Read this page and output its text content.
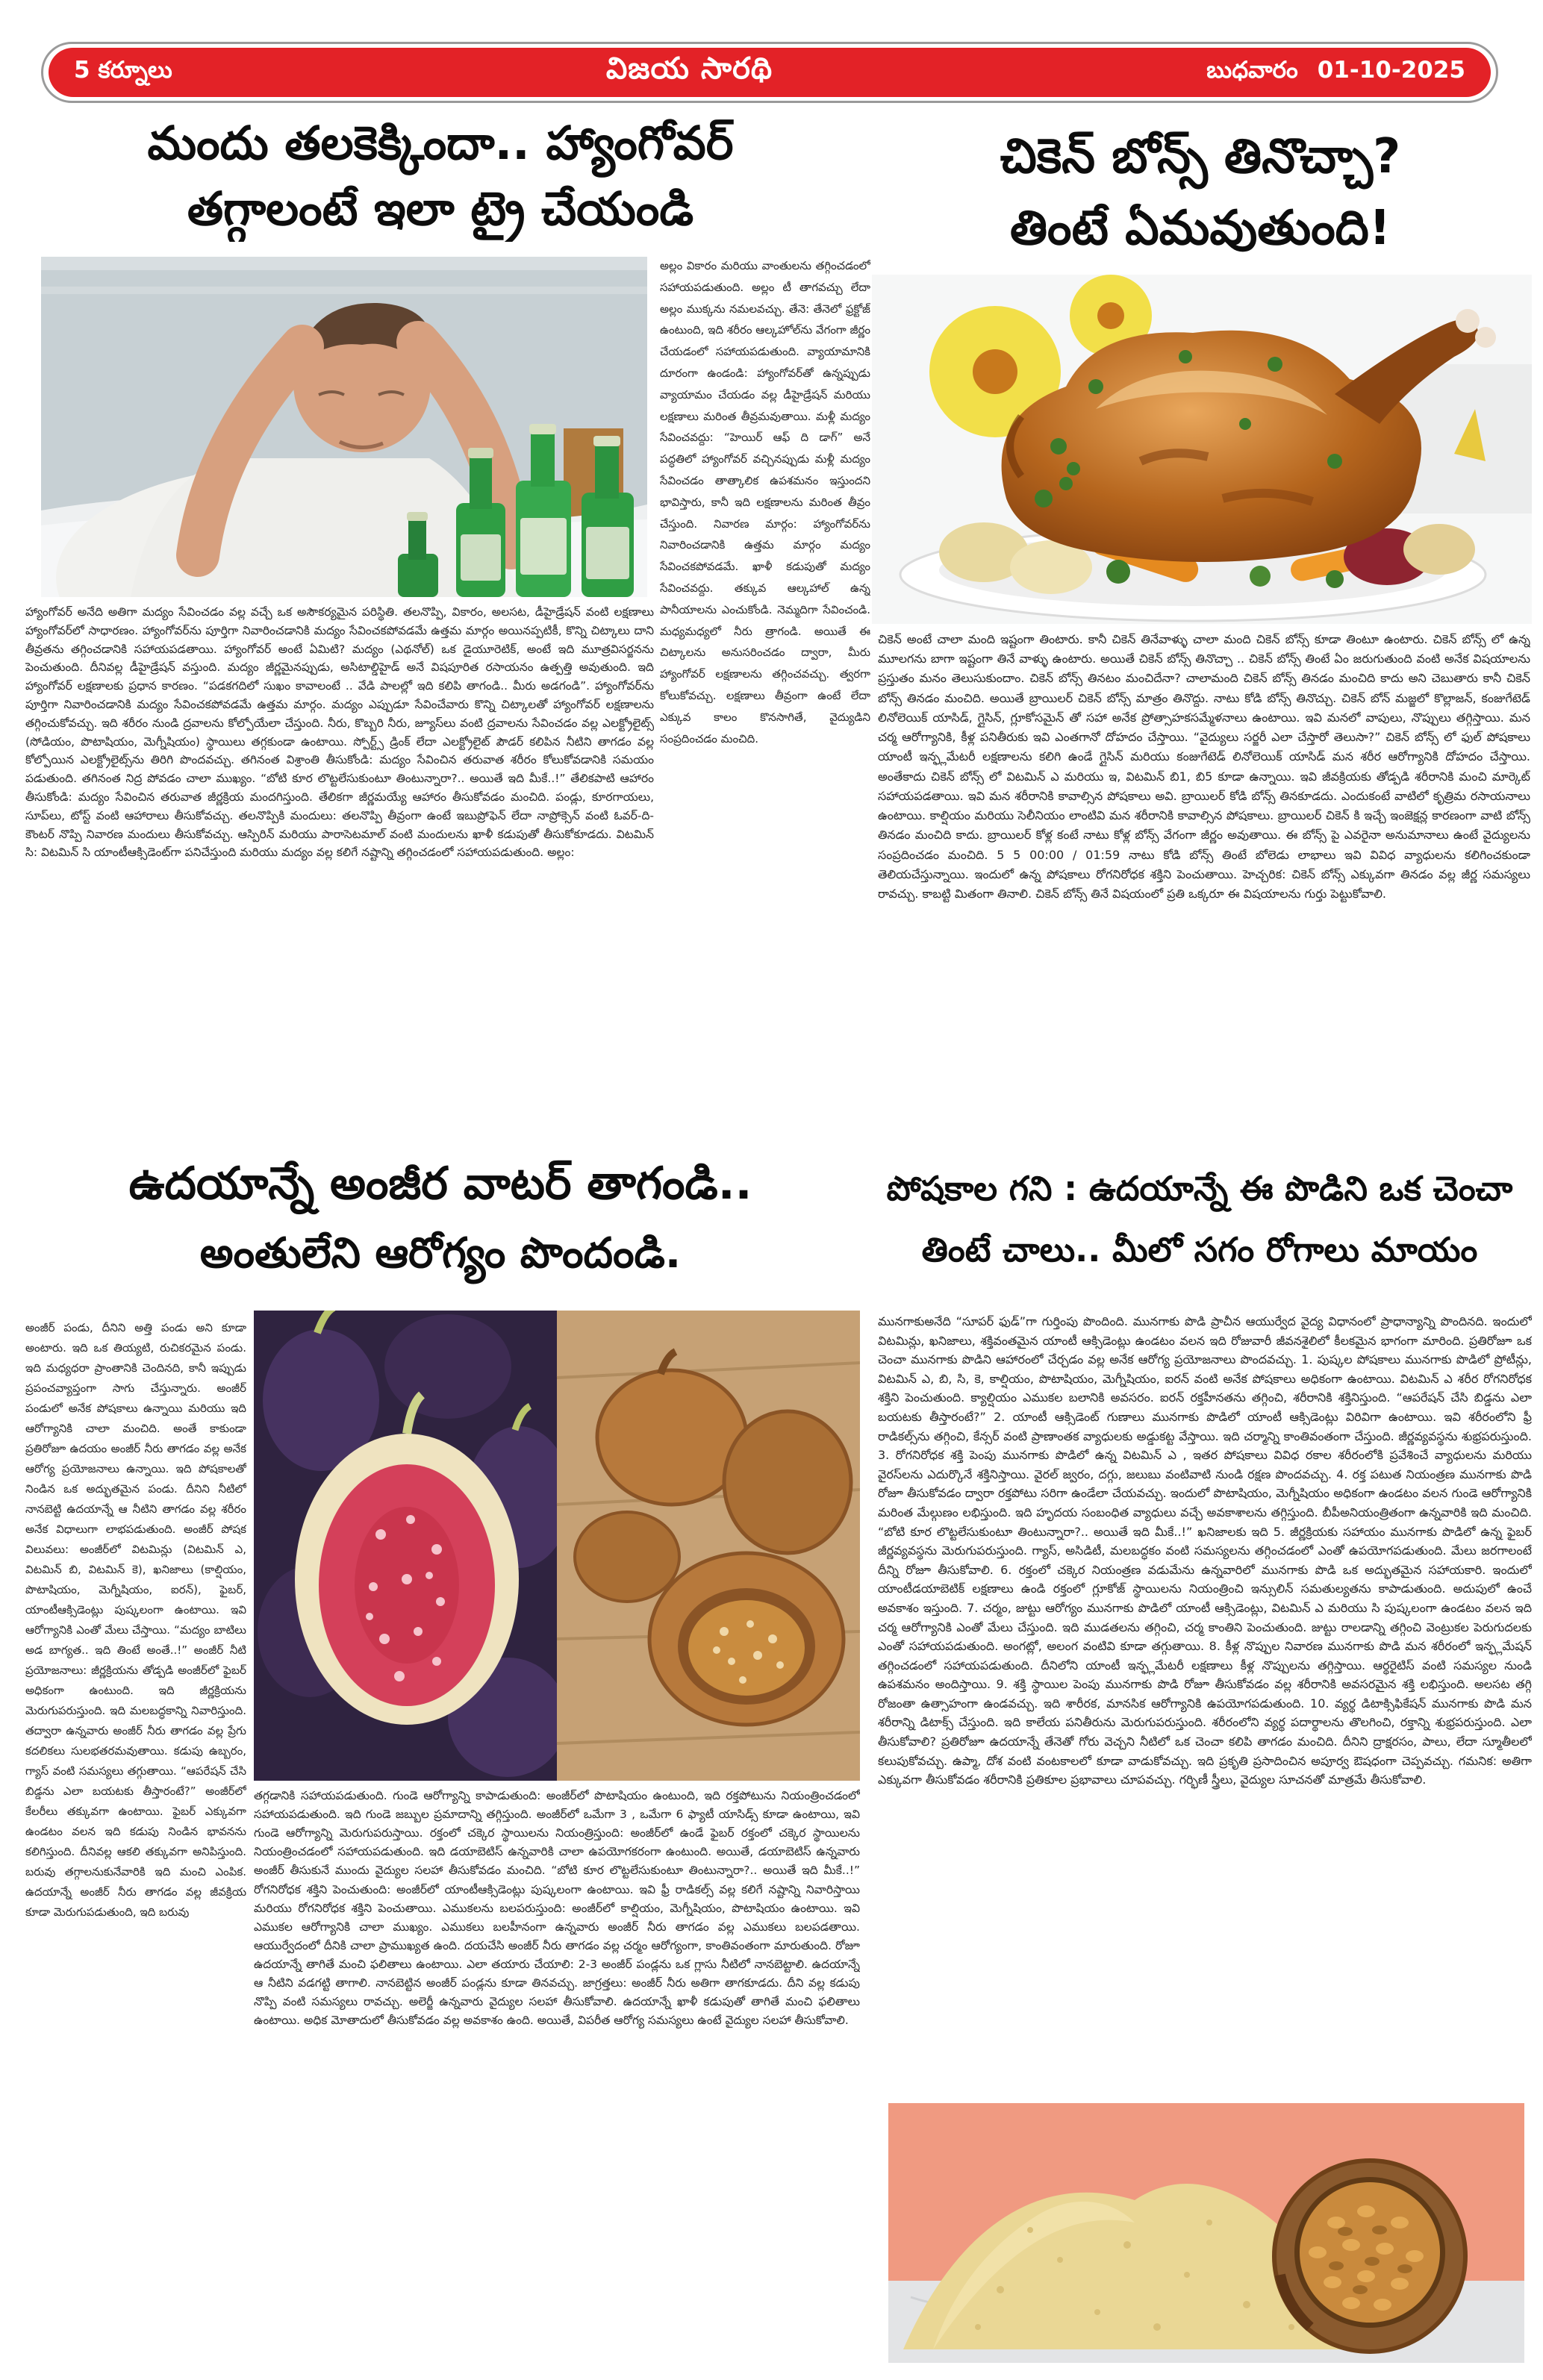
5 కర్నూలు	విజయ సారథి	బుధవారం 01-10-2025
మందు తలకెక్కిందా.. హ్యాంగోవర్
తగ్గాలంటే ఇలా ట్రై చేయండి
అల్లం వికారం మరియు వాంతులను తగ్గించడంలో సహాయపడుతుంది. అల్లం టీ తాగవచ్చు లేదా అల్లం ముక్కను నమలవచ్చు. తేనె: తేనెలో ఫ్రక్టోజ్ ఉంటుంది, ఇది శరీరం ఆల్కహోల్‌ను వేగంగా జీర్ణం చేయడంలో సహాయపడుతుంది. వ్యాయామానికి దూరంగా ఉండండి: హ్యాంగోవర్‌తో ఉన్నప్పుడు వ్యాయామం చేయడం వల్ల డీహైడ్రేషన్ మరియు లక్షణాలు మరింత తీవ్రమవుతాయి. మళ్లీ మద్యం సేవించవద్దు: “హెయిర్ ఆఫ్ ది డాగ్” అనే పద్ధతిలో హ్యాంగోవర్ వచ్చినప్పుడు మళ్లీ మద్యం సేవించడం తాత్కాలిక ఉపశమనం ఇస్తుందని భావిస్తారు, కానీ ఇది లక్షణాలను మరింత తీవ్రం చేస్తుంది. నివారణ మార్గం: హ్యాంగోవర్‌ను నివారించడానికి ఉత్తమ మార్గం మద్యం సేవించకపోవడమే. ఖాళీ కడుపుతో మద్యం సేవించవద్దు. తక్కువ ఆల్కహాల్ ఉన్న పానీయాలను ఎంచుకోండి. నెమ్మదిగా సేవించండి. మధ్యమధ్యలో నీరు త్రాగండి. అయితే ఈ చిట్కాలను అనుసరించడం ద్వారా, మీరు హ్యాంగోవర్ లక్షణాలను తగ్గించవచ్చు. త్వరగా కోలుకోవచ్చు. లక్షణాలు తీవ్రంగా ఉంటే లేదా ఎక్కువ కాలం కొనసాగితే, వైద్యుడిని సంప్రదించడం మంచిది.
హ్యాంగోవర్ అనేది అతిగా మద్యం సేవించడం వల్ల వచ్చే ఒక అసౌకర్యమైన పరిస్థితి. తలనొప్పి, వికారం, అలసట, డీహైడ్రేషన్ వంటి లక్షణాలు హ్యాంగోవర్‌లో సాధారణం. హ్యాంగోవర్‌ను పూర్తిగా నివారించడానికి మద్యం సేవించకపోవడమే ఉత్తమ మార్గం అయినప్పటికీ, కొన్ని చిట్కాలు దాని తీవ్రతను తగ్గించడానికి సహాయపడతాయి. హ్యాంగోవర్ అంటే ఏమిటి? మద్యం (ఎథనోల్) ఒక డైయూరెటిక్, అంటే ఇది మూత్రవిసర్జనను పెంచుతుంది. దీనివల్ల డీహైడ్రేషన్ వస్తుంది. మద్యం జీర్ణమైనప్పుడు, అసిటాల్డిహైడ్ అనే విషపూరిత రసాయనం ఉత్పత్తి అవుతుంది. ఇది హ్యాంగోవర్ లక్షణాలకు ప్రధాన కారణం. “పడకగదిలో సుఖం కావాలంటే .. వేడి పాలల్లో ఇది కలిపి తాగండి.. మీరు అడగండి”. హ్యాంగోవర్‌ను పూర్తిగా నివారించడానికి మద్యం సేవించకపోవడమే ఉత్తమ మార్గం. మద్యం ఎప్పుడూ సేవించేవారు కొన్ని చిట్కాలతో హ్యాంగోవర్ లక్షణాలను తగ్గించుకోవచ్చు. ఇది శరీరం నుండి ద్రవాలను కోల్పోయేలా చేస్తుంది. నీరు, కొబ్బరి నీరు, జ్యూస్‌లు వంటి ద్రవాలను సేవించడం వల్ల ఎలక్ట్రోలైట్స్ (సోడియం, పొటాషియం, మెగ్నీషియం) స్థాయిలు తగ్గకుండా ఉంటాయి. స్పోర్ట్స్ డ్రింక్ లేదా ఎలక్ట్రోలైట్ పౌడర్ కలిపిన నీటిని తాగడం వల్ల కోల్పోయిన ఎలక్ట్రోలైట్స్‌ను తిరిగి పొందవచ్చు. తగినంత విశ్రాంతి తీసుకోండి: మద్యం సేవించిన తరువాత శరీరం కోలుకోవడానికి సమయం పడుతుంది. తగినంత నిద్ర పోవడం చాలా ముఖ్యం. “బోటి కూర లొట్టలేసుకుంటూ తింటున్నారా?.. అయితే ఇది మీకే..!” తేలికపాటి ఆహారం తీసుకోండి: మద్యం సేవించిన తరువాత జీర్ణక్రియ మందగిస్తుంది. తేలికగా జీర్ణమయ్యే ఆహారం తీసుకోవడం మంచిది. పండ్లు, కూరగాయలు, సూప్‌లు, టోస్ట్ వంటి ఆహారాలు తీసుకోవచ్చు. తలనొప్పికి మందులు: తలనొప్పి తీవ్రంగా ఉంటే ఇబుప్రోఫెన్ లేదా నాప్రోక్సెన్ వంటి ఓవర్-ది-కౌంటర్ నొప్పి నివారణ మందులు తీసుకోవచ్చు. ఆస్పిరిన్ మరియు పారాసెటమాల్ వంటి మందులను ఖాళీ కడుపుతో తీసుకోకూడదు. విటమిన్ సి: విటమిన్ సి యాంటీఆక్సిడెంట్‌గా పనిచేస్తుంది మరియు మద్యం వల్ల కలిగే నష్టాన్ని తగ్గించడంలో సహాయపడుతుంది. అల్లం:
చికెన్ బోన్స్ తినొచ్చా?
తింటే ఏమవుతుంది!
చికెన్ అంటే చాలా మంది ఇష్టంగా తింటారు. కానీ చికెన్ తినేవాళ్ళు చాలా మంది చికెన్ బోన్స్ కూడా తింటూ ఉంటారు. చికెన్ బోన్స్ లో ఉన్న మూలగను బాగా ఇష్టంగా తినే వాళ్ళు ఉంటారు. అయితే చికెన్ బోన్స్ తినొచ్చా .. చికెన్ బోన్స్ తింటే ఏం జరుగుతుంది వంటి అనేక విషయాలను ప్రస్తుతం మనం తెలుసుకుందాం. చికెన్ బోన్స్ తినటం మంచిదేనా? చాలామంది చికెన్ బోన్స్ తినడం మంచిది కాదు అని చెబుతారు కానీ చికెన్ బోన్స్ తినడం మంచిది. అయితే బ్రాయిలర్ చికెన్ బోన్స్ మాత్రం తినొద్దు. నాటు కోడి బోన్స్ తినొచ్చు. చికెన్ బోన్ మజ్జలో కొల్లాజన్, కంజుగేటెడ్ లినోలెయిక్ యాసిడ్, గ్లైసిన్, గ్లూకోసమైన్ తో సహా అనేక ప్రోత్సాహకసమ్మేళనాలు ఉంటాయి. ఇవి మనలో వాపులు, నొప్పులు తగ్గిస్తాయి. మన చర్మ ఆరోగ్యానికి, కీళ్ల పనితీరుకు ఇవి ఎంతగానో దోహదం చేస్తాయి. “వైద్యులు సర్జరీ ఎలా చేస్తారో తెలుసా?” చికెన్ బోన్స్ లో ఫుల్ పోషకాలు యాంటీ ఇన్ఫ్లమేటరీ లక్షణాలను కలిగి ఉండే గ్లైసిన్ మరియు కంజుగేటెడ్ లినోలెయిక్ యాసిడ్ మన శరీర ఆరోగ్యానికి దోహదం చేస్తాయి. అంతేకాదు చికెన్ బోన్స్ లో విటమిన్ ఎ మరియు ఇ, విటమిన్ బి1, బి5 కూడా ఉన్నాయి. ఇవి జీవక్రియకు తోడ్పడి శరీరానికి మంచి మార్కెట్ సహాయపడతాయి. ఇవి మన శరీరానికి కావాల్సిన పోషకాలు అవి. బ్రాయిలర్ కోడి బోన్స్ తినకూడదు. ఎందుకంటే వాటిలో కృత్రిమ రసాయనాలు ఉంటాయి. కాల్షియం మరియు సెలీనియం లాంటివి మన శరీరానికి కావాల్సిన పోషకాలు. బ్రాయిలర్ చికెన్ కి ఇచ్చే ఇంజెక్షన్ల కారణంగా వాటి బోన్స్ తినడం మంచిది కాదు. బ్రాయిలర్ కోళ్ల కంటే నాటు కోళ్ల బోన్స్ వేగంగా జీర్ణం అవుతాయి. ఈ బోన్స్ పై ఎవరైనా అనుమానాలు ఉంటే వైద్యులను సంప్రదించడం మంచిది. 5 5 00:00 / 01:59 నాటు కోడి బోన్స్ తింటే బోలెడు లాభాలు ఇవి వివిధ వ్యాధులను కలిగించకుండా తెలియచేస్తున్నాయి. ఇందులో ఉన్న పోషకాలు రోగనిరోధక శక్తిని పెంచుతాయి. హెచ్చరిక: చికెన్ బోన్స్ ఎక్కువగా తినడం వల్ల జీర్ణ సమస్యలు రావచ్చు. కాబట్టి మితంగా తినాలి. చికెన్ బోన్స్ తినే విషయంలో ప్రతి ఒక్కరూ ఈ విషయాలను గుర్తు పెట్టుకోవాలి.
ఉదయాన్నే అంజీర వాటర్ తాగండి..
అంతులేని ఆరోగ్యం పొందండి.
అంజీర్ పండు, దీనిని అత్తి పండు అని కూడా అంటారు. ఇది ఒక తియ్యటి, రుచికరమైన పండు. ఇది మధ్యధరా ప్రాంతానికి చెందినది, కానీ ఇప్పుడు ప్రపంచవ్యాప్తంగా సాగు చేస్తున్నారు. అంజీర్ పండులో అనేక పోషకాలు ఉన్నాయి మరియు ఇది ఆరోగ్యానికి చాలా మంచిది. అంతే కాకుండా ప్రతిరోజూ ఉదయం అంజీర్ నీరు తాగడం వల్ల అనేక ఆరోగ్య ప్రయోజనాలు ఉన్నాయి. ఇది పోషకాలతో నిండిన ఒక అద్భుతమైన పండు. దీనిని నీటిలో నానబెట్టి ఉదయాన్నే ఆ నీటిని తాగడం వల్ల శరీరం అనేక విధాలుగా లాభపడుతుంది. అంజీర్ పోషక విలువలు: అంజీర్‌లో విటమిన్లు (విటమిన్ ఎ, విటమిన్ బి, విటమిన్ కె), ఖనిజాలు (కాల్షియం, పొటాషియం, మెగ్నీషియం, ఐరన్), ఫైబర్, యాంటీఆక్సిడెంట్లు పుష్కలంగా ఉంటాయి. ఇవి ఆరోగ్యానికి ఎంతో మేలు చేస్తాయి. “మద్యం బాటిలు అడ బాగ్యత.. ఇది తింటే అంతే..!” అంజీర్ నీటి ప్రయోజనాలు: జీర్ణక్రియను తోడ్పడి అంజీర్‌లో ఫైబర్ అధికంగా ఉంటుంది. ఇది జీర్ణక్రియను మెరుగుపరుస్తుంది. ఇది మలబద్ధకాన్ని నివారిస్తుంది. తద్వారా ఉన్నవారు అంజీర్ నీరు తాగడం వల్ల ప్రేగు కదలికలు సులభతరమవుతాయి. కడుపు ఉబ్బరం, గ్యాస్ వంటి సమస్యలు తగ్గుతాయి. “ఆపరేషన్ చేసి బిడ్డను ఎలా బయటకు తీస్తారంటే?” అంజీర్‌లో కేలరీలు తక్కువగా ఉంటాయి. ఫైబర్ ఎక్కువగా ఉండటం వలన ఇది కడుపు నిండిన భావనను కలిగిస్తుంది. దీనివల్ల ఆకలి తక్కువగా అనిపిస్తుంది. బరువు తగ్గాలనుకునేవారికి ఇది మంచి ఎంపిక. ఉదయాన్నే అంజీర్ నీరు తాగడం వల్ల జీవక్రియ కూడా మెరుగుపడుతుంది, ఇది బరువు
తగ్గడానికి సహాయపడుతుంది. గుండె ఆరోగ్యాన్ని కాపాడుతుంది: అంజీర్‌లో పొటాషియం ఉంటుంది, ఇది రక్తపోటును నియంత్రించడంలో సహాయపడుతుంది. ఇది గుండె జబ్బుల ప్రమాదాన్ని తగ్గిస్తుంది. అంజీర్‌లో ఒమేగా 3 , ఒమేగా 6 ఫ్యాటీ యాసిడ్స్ కూడా ఉంటాయి, ఇవి గుండె ఆరోగ్యాన్ని మెరుగుపరుస్తాయి. రక్తంలో చక్కెర స్థాయిలను నియంత్రిస్తుంది: అంజీర్‌లో ఉండే ఫైబర్ రక్తంలో చక్కెర స్థాయిలను నియంత్రించడంలో సహాయపడుతుంది. ఇది డయాబెటిస్ ఉన్నవారికి చాలా ఉపయోగకరంగా ఉంటుంది. అయితే, డయాబెటిస్ ఉన్నవారు అంజీర్ తీసుకునే ముందు వైద్యుల సలహా తీసుకోవడం మంచిది. “బోటి కూర లొట్టలేసుకుంటూ తింటున్నారా?.. అయితే ఇది మీకే..!” రోగనిరోధక శక్తిని పెంచుతుంది: అంజీర్‌లో యాంటీఆక్సిడెంట్లు పుష్కలంగా ఉంటాయి. ఇవి ఫ్రీ రాడికల్స్ వల్ల కలిగే నష్టాన్ని నివారిస్తాయి మరియు రోగనిరోధక శక్తిని పెంచుతాయి. ఎముకలను బలపరుస్తుంది: అంజీర్‌లో కాల్షియం, మెగ్నీషియం, పొటాషియం ఉంటాయి. ఇవి ఎముకల ఆరోగ్యానికి చాలా ముఖ్యం. ఎముకలు బలహీనంగా ఉన్నవారు అంజీర్ నీరు తాగడం వల్ల ఎముకలు బలపడతాయి. ఆయుర్వేదంలో దీనికి చాలా ప్రాముఖ్యత ఉంది. దయచేసి అంజీర్ నీరు తాగడం వల్ల చర్మం ఆరోగ్యంగా, కాంతివంతంగా మారుతుంది. రోజూ ఉదయాన్నే తాగితే మంచి ఫలితాలు ఉంటాయి. ఎలా తయారు చేయాలి: 2-3 అంజీర్ పండ్లను ఒక గ్లాసు నీటిలో నానబెట్టాలి. ఉదయాన్నే ఆ నీటిని వడగట్టి తాగాలి. నానబెట్టిన అంజీర్ పండ్లను కూడా తినవచ్చు. జాగ్రత్తలు: అంజీర్ నీరు అతిగా తాగకూడదు. దీని వల్ల కడుపు నొప్పి వంటి సమస్యలు రావచ్చు. అలెర్జీ ఉన్నవారు వైద్యుల సలహా తీసుకోవాలి. ఉదయాన్నే ఖాళీ కడుపుతో తాగితే మంచి ఫలితాలు ఉంటాయి. అధిక మోతాదులో తీసుకోవడం వల్ల అవకాశం ఉంది. అయితే, విపరీత ఆరోగ్య సమస్యలు ఉంటే వైద్యుల సలహా తీసుకోవాలి.
పోషకాల గని : ఉదయాన్నే ఈ పొడిని ఒక చెంచా
తింటే చాలు.. మీలో సగం రోగాలు మాయం
మునగాకుఅనేది “సూపర్ ఫుడ్”గా గుర్తింపు పొందింది. మునగాకు పొడి ప్రాచీన ఆయుర్వేద వైద్య విధానంలో ప్రాధాన్యాన్ని పొందినది. ఇందులో విటమిన్లు, ఖనిజాలు, శక్తివంతమైన యాంటీ ఆక్సిడెంట్లు ఉండటం వలన ఇది రోజువారీ జీవనశైలిలో కీలకమైన భాగంగా మారింది. ప్రతిరోజూ ఒక చెంచా మునగాకు పొడిని ఆహారంలో చేర్చడం వల్ల అనేక ఆరోగ్య ప్రయోజనాలు పొందవచ్చు. 1. పుష్కల పోషకాలు మునగాకు పొడిలో ప్రోటీన్లు, విటమిన్ ఎ, బి, సి, కె, కాల్షియం, పొటాషియం, మెగ్నీషియం, ఐరన్ వంటి అనేక పోషకాలు అధికంగా ఉంటాయి. విటమిన్ ఎ శరీర రోగనిరోధక శక్తిని పెంచుతుంది. క్యాల్షియం ఎముకల బలానికి అవసరం. ఐరన్ రక్తహీనతను తగ్గించి, శరీరానికి శక్తినిస్తుంది. “ఆపరేషన్ చేసి బిడ్డను ఎలా బయటకు తీస్తారంటే?” 2. యాంటీ ఆక్సిడెంట్ గుణాలు మునగాకు పొడిలో యాంటీ ఆక్సిడెంట్లు విరివిగా ఉంటాయి. ఇవి శరీరంలోని ఫ్రీ రాడికల్స్‌ను తగ్గించి, కేన్సర్ వంటి ప్రాణాంతక వ్యాధులకు అడ్డుకట్ట వేస్తాయి. ఇది చర్మాన్ని కాంతివంతంగా చేస్తుంది. జీర్ణవ్యవస్థను శుభ్రపరుస్తుంది. 3. రోగనిరోధక శక్తి పెంపు మునగాకు పొడిలో ఉన్న విటమిన్ ఎ , ఇతర పోషకాలు వివిధ రకాల శరీరంలోకి ప్రవేశించే వ్యాధులను మరియు వైరస్‌లను ఎదుర్కొనే శక్తినిస్తాయి. వైరల్ జ్వరం, దగ్గు, జలుబు వంటివాటి నుండి రక్షణ పొందవచ్చు. 4. రక్త పటుత నియంత్రణ మునగాకు పొడి రోజూ తీసుకోవడం ద్వారా రక్తపోటు సరిగా ఉండేలా చేయవచ్చు. ఇందులో పొటాషియం, మెగ్నీషియం అధికంగా ఉండటం వలన గుండె ఆరోగ్యానికి మరింత మేల్గుణం లభిస్తుంది. ఇది హృదయ సంబంధిత వ్యాధులు వచ్చే అవకాశాలను తగ్గిస్తుంది. బీపీఅనియంత్రితంగా ఉన్నవారికి ఇది మంచిది. “బోటి కూర లొట్టలేసుకుంటూ తింటున్నారా?.. అయితే ఇది మీకే..!” ఖనిజాలకు ఇది 5. జీర్ణక్రియకు సహాయం మునగాకు పొడిలో ఉన్న ఫైబర్ జీర్ణవ్యవస్థను మెరుగుపరుస్తుంది. గ్యాస్, అసిడిటీ, మలబద్ధకం వంటి సమస్యలను తగ్గించడంలో ఎంతో ఉపయోగపడుతుంది. మేలు జరగాలంటే దీన్ని రోజూ తీసుకోవాలి. 6. రక్తంలో చక్కెర నియంత్రణ వడుమేను ఉన్నవారిలో మునగాకు పొడి ఒక అద్భుతమైన సహాయకారి. ఇందులో యాంటీడయాబెటిక్ లక్షణాలు ఉండి రక్తంలో గ్లూకోజ్ స్థాయిలను నియంత్రించి ఇన్సులిన్ సమతుల్యతను కాపాడుతుంది. అదుపులో ఉంచే అవకాశం ఇస్తుంది. 7. చర్మం, జుట్టు ఆరోగ్యం మునగాకు పొడిలో యాంటీ ఆక్సిడెంట్లు, విటమిన్ ఎ మరియు సి పుష్కలంగా ఉండటం వలన ఇది చర్మ ఆరోగ్యానికి ఎంతో మేలు చేస్తుంది. ఇది ముడతలను తగ్గించి, చర్మ కాంతిని పెంచుతుంది. జుట్టు రాలడాన్ని తగ్గించి వెంట్రుకల పెరుగుదలకు ఎంతో సహాయపడుతుంది. అంగట్లో, అలంగ వంటివి కూడా తగ్గుతాయి. 8. కీళ్ల నొప్పుల నివారణ మునగాకు పొడి మన శరీరంలో ఇన్ఫ్లమేషన్ తగ్గించడంలో సహాయపడుతుంది. దీనిలోని యాంటీ ఇన్ఫ్లమేటరీ లక్షణాలు కీళ్ల నొప్పులను తగ్గిస్తాయి. ఆర్థరైటిస్ వంటి సమస్యల నుండి ఉపశమనం అందిస్తాయి. 9. శక్తి స్థాయిల పెంపు మునగాకు పొడి రోజూ తీసుకోవడం వల్ల శరీరానికి అవసరమైన శక్తి లభిస్తుంది. అలసట తగ్గి రోజంతా ఉత్సాహంగా ఉండవచ్చు. ఇది శారీరక, మానసిక ఆరోగ్యానికి ఉపయోగపడుతుంది. 10. వ్యర్థ డిటాక్సిఫికేషన్ మునగాకు పొడి మన శరీరాన్ని డిటాక్స్ చేస్తుంది. ఇది కాలేయ పనితీరును మెరుగుపరుస్తుంది. శరీరంలోని వ్యర్థ పదార్థాలను తొలగించి, రక్తాన్ని శుభ్రపరుస్తుంది. ఎలా తీసుకోవాలి? ప్రతిరోజూ ఉదయాన్నే తేనెతో గోరు వెచ్చని నీటిలో ఒక చెంచా కలిపి తాగడం మంచిది. దీనిని ద్రాక్షరసం, పాలు, లేదా స్మూతీలలో కలుపుకోవచ్చు. ఉప్మా, దోశ వంటి వంటకాలలో కూడా వాడుకోవచ్చు. ఇది ప్రకృతి ప్రసాదించిన అపూర్వ ఔషధంగా చెప్పవచ్చు. గమనిక: అతిగా ఎక్కువగా తీసుకోవడం శరీరానికి ప్రతికూల ప్రభావాలు చూపవచ్చు. గర్భిణీ స్త్రీలు, వైద్యుల సూచనతో మాత్రమే తీసుకోవాలి.
